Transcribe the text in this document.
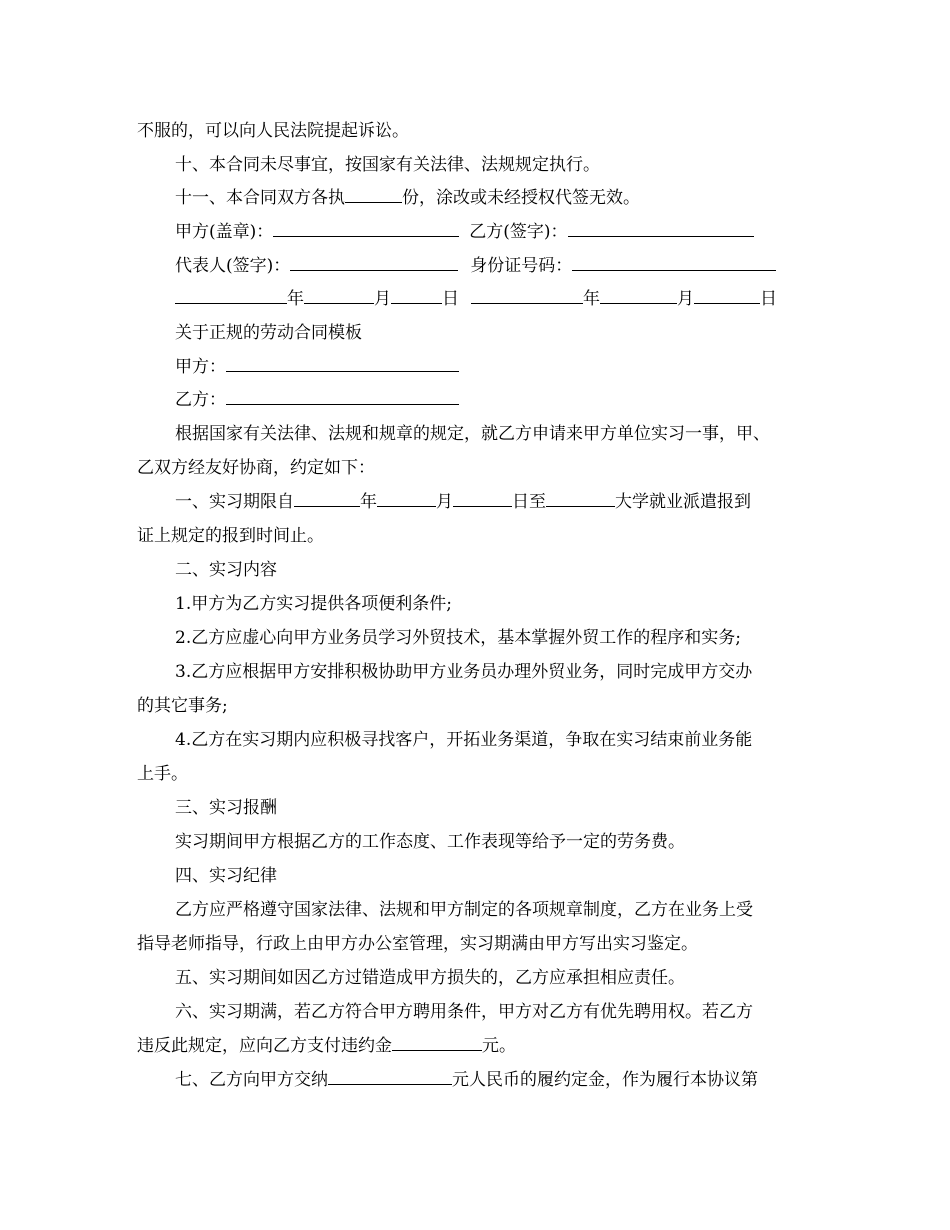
不服的，可以向人民法院提起诉讼。
十、本合同未尽事宜，按国家有关法律、法规规定执行。
十一、本合同双方各执	份，涂改或未经授权代签无效。
甲方(盖章)：	乙方(签字)：
代表人(签字)：	身份证号码：
年	月	日	年	月	日
关于正规的劳动合同模板
甲方：
乙方：
根据国家有关法律、法规和规章的规定，就乙方申请来甲方单位实习一事，甲、
乙双方经友好协商，约定如下：
一、实习期限自	年	月	日至	大学就业派遣报到
证上规定的报到时间止。
二、实习内容
1.甲方为乙方实习提供各项便利条件;
2.乙方应虚心向甲方业务员学习外贸技术，基本掌握外贸工作的程序和实务;
3.乙方应根据甲方安排积极协助甲方业务员办理外贸业务，同时完成甲方交办
的其它事务;
4.乙方在实习期内应积极寻找客户，开拓业务渠道，争取在实习结束前业务能
上手。
三、实习报酬
实习期间甲方根据乙方的工作态度、工作表现等给予一定的劳务费。
四、实习纪律
乙方应严格遵守国家法律、法规和甲方制定的各项规章制度，乙方在业务上受
指导老师指导，行政上由甲方办公室管理，实习期满由甲方写出实习鉴定。
五、实习期间如因乙方过错造成甲方损失的，乙方应承担相应责任。
六、实习期满，若乙方符合甲方聘用条件，甲方对乙方有优先聘用权。若乙方
违反此规定，应向乙方支付违约金	元。
七、乙方向甲方交纳	元人民币的履约定金，作为履行本协议第
